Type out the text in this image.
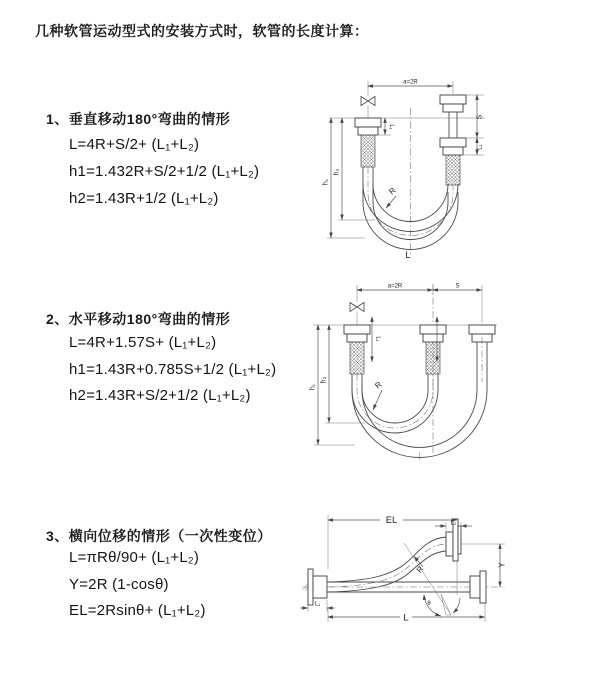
几种软管运动型式的安装方式时，软管的长度计算：
1、垂直移动180°弯曲的情形
L=4R+S/2+ (L₁+L₂)
h1=1.432R+S/2+1/2 (L₁+L₂)
h2=1.43R+1/2 (L₁+L₂)
2、水平移动180°弯曲的情形
L=4R+1.57S+ (L₁+L₂)
h1=1.43R+0.785S+1/2 (L₁+L₂)
h2=1.43R+S/2+1/2 (L₁+L₂)
3、横向位移的情形（一次性变位）
L=πRθ/90+ (L₁+L₂)
Y=2R (1-cosθ)
EL=2Rsinθ+ (L₁+L₂)
a=2R
L₁
S
L₁
h₁
h₂
R
L
a=2R	S
L₁
h₁
h₂	R
θ
R
EL	L₂
Y
L₁
L
